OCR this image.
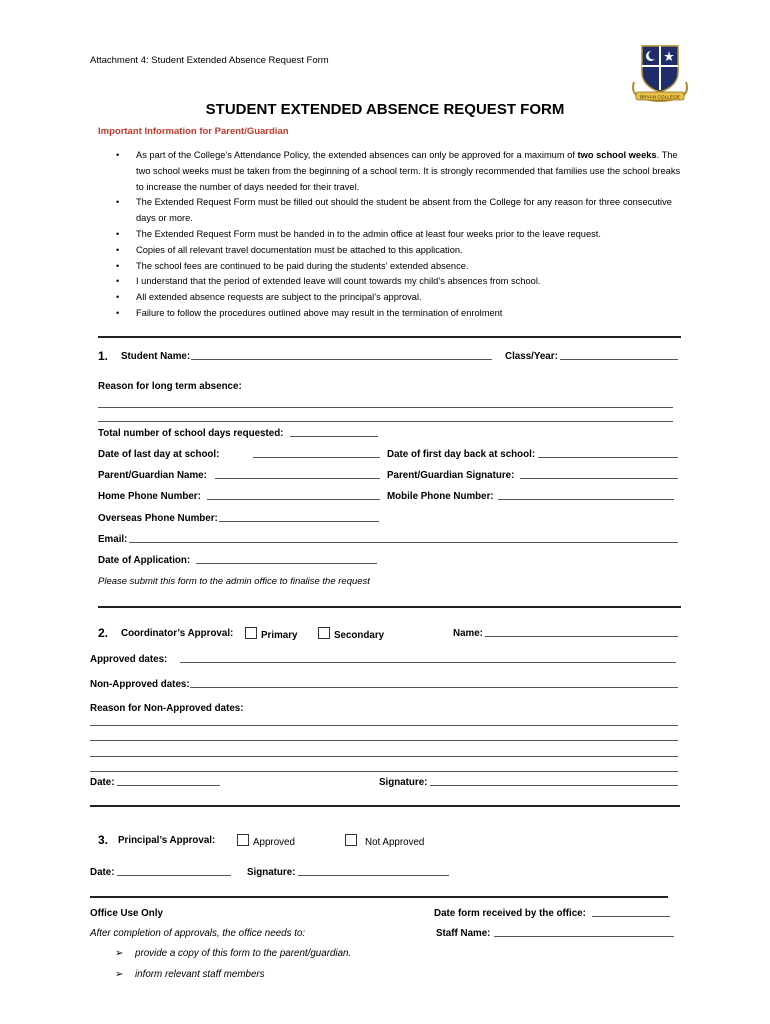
Attachment 4: Student Extended Absence Request Form
BRYAN COLLEGE
STUDENT EXTENDED ABSENCE REQUEST FORM
Important Information for Parent/Guardian
• As part of the College’s Attendance Policy, the extended absences can only be approved for a maximum of two school weeks. The two school weeks must be taken from the beginning of a school term. It is strongly recommended that families use the school breaks to increase the number of days needed for their travel.
• The Extended Request Form must be filled out should the student be absent from the College for any reason for three consecutive days or more.
• The Extended Request Form must be handed in to the admin office at least four weeks prior to the leave request.
• Copies of all relevant travel documentation must be attached to this application.
• The school fees are continued to be paid during the students’ extended absence.
• I understand that the period of extended leave will count towards my child’s absences from school.
• All extended absence requests are subject to the principal’s approval.
• Failure to follow the procedures outlined above may result in the termination of enrolment
1. Student Name:	Class/Year:
Reason for long term absence:
Total number of school days requested:
Date of last day at school:	Date of first day back at school:
Parent/Guardian Name:	Parent/Guardian Signature:
Home Phone Number:	Mobile Phone Number:
Overseas Phone Number:
Email:
Date of Application:
Please submit this form to the admin office to finalise the request
2. Coordinator’s Approval:	Primary	Secondary	Name:
Approved dates:
Non-Approved dates:
Reason for Non-Approved dates:
Date:	Signature:
3. Principal’s Approval:	Approved	Not Approved
Date:	Signature:
Office Use Only	Date form received by the office:
After completion of approvals, the office needs to:	Staff Name:
➢ provide a copy of this form to the parent/guardian.
➢ inform relevant staff members
